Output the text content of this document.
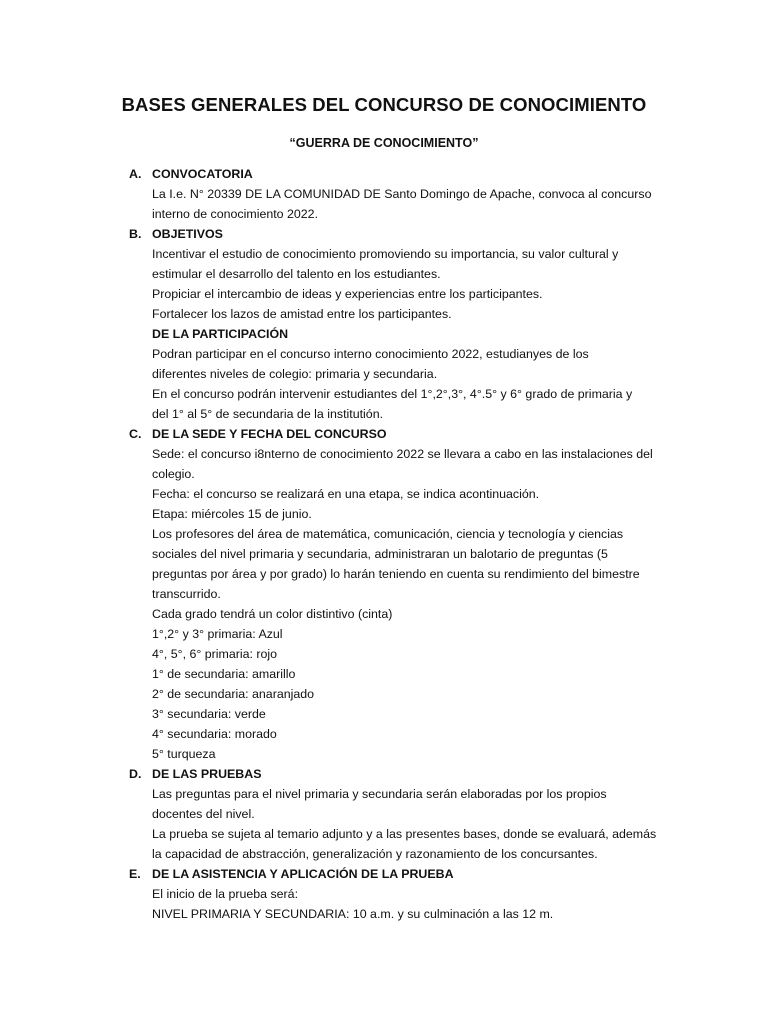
BASES GENERALES DEL CONCURSO DE CONOCIMIENTO
“GUERRA DE CONOCIMIENTO”
A. CONVOCATORIA
La I.e. N° 20339 DE LA COMUNIDAD DE Santo Domingo de Apache, convoca al concurso
interno de conocimiento 2022.
B. OBJETIVOS
Incentivar el estudio de conocimiento promoviendo su importancia, su valor cultural y
estimular el desarrollo del talento en los estudiantes.
Propiciar el intercambio de ideas y experiencias entre los participantes.
Fortalecer los lazos de amistad entre los participantes.
DE LA PARTICIPACIÓN
Podran participar en el concurso interno conocimiento 2022, estudianyes de los
diferentes niveles de colegio: primaria y secundaria.
En el concurso podrán intervenir estudiantes del 1°,2°,3°, 4°.5° y 6° grado de primaria y
del 1° al 5° de secundaria de la institutión.
C. DE LA SEDE Y FECHA DEL CONCURSO
Sede: el concurso i8nterno de conocimiento 2022 se llevara a cabo en las instalaciones del
colegio.
Fecha: el concurso se realizará en una etapa, se indica acontinuación.
Etapa: miércoles 15 de junio.
Los profesores del área de matemática, comunicación, ciencia y tecnología y ciencias
sociales del nivel primaria y secundaria, administraran un balotario de preguntas (5
preguntas por área y por grado) lo harán teniendo en cuenta su rendimiento del bimestre
transcurrido.
Cada grado tendrá un color distintivo (cinta)
1°,2° y 3° primaria: Azul
4°, 5°, 6° primaria: rojo
1° de secundaria: amarillo
2° de secundaria: anaranjado
3° secundaria: verde
4° secundaria: morado
5° turqueza
D. DE LAS PRUEBAS
Las preguntas para el nivel primaria y secundaria serán elaboradas por los propios
docentes del nivel.
La prueba se sujeta al temario adjunto y a las presentes bases, donde se evaluará, además
la capacidad de abstracción, generalización y razonamiento de los concursantes.
E. DE LA ASISTENCIA Y APLICACIÓN DE LA PRUEBA
El inicio de la prueba será:
NIVEL PRIMARIA Y SECUNDARIA: 10 a.m. y su culminación a las 12 m.
